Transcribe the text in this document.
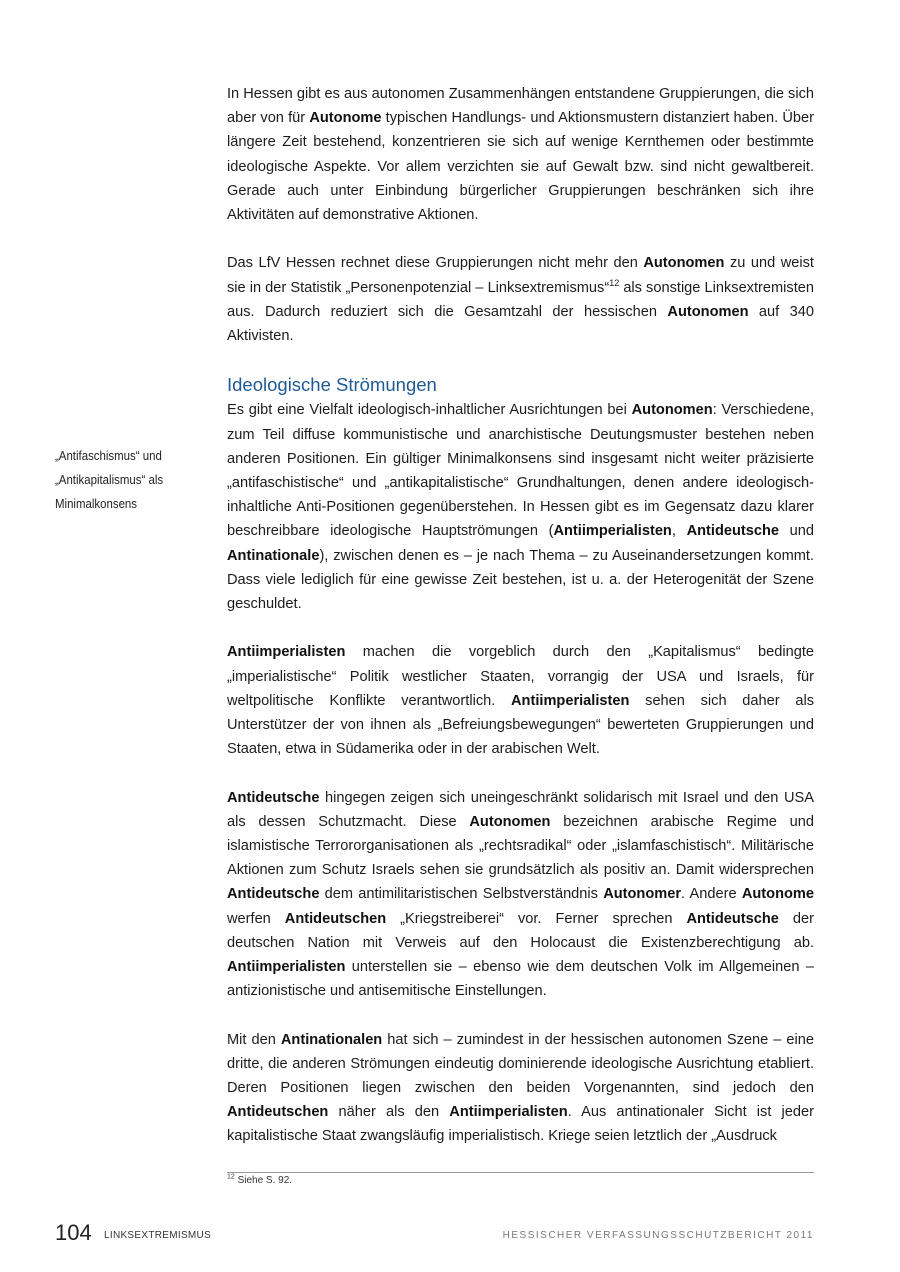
In Hessen gibt es aus autonomen Zusammenhängen entstandene Gruppierungen, die sich aber von für Autonome typischen Handlungs- und Aktionsmustern distanziert haben. Über längere Zeit bestehend, konzentrieren sie sich auf wenige Kernthemen oder bestimmte ideologische Aspekte. Vor allem verzichten sie auf Gewalt bzw. sind nicht gewaltbereit. Gerade auch unter Einbindung bürgerlicher Gruppierungen beschränken sich ihre Aktivitäten auf demonstrative Aktionen.

Das LfV Hessen rechnet diese Gruppierungen nicht mehr den Autonomen zu und weist sie in der Statistik „Personenpotenzial – Linksextremismus“$^{12}$ als sonstige Linksextremisten aus. Dadurch reduziert sich die Gesamtzahl der hessischen Autonomen auf 340 Aktivisten.

Ideologische Strömungen

Es gibt eine Vielfalt ideologisch-inhaltlicher Ausrichtungen bei Autonomen: Verschiedene, zum Teil diffuse kommunistische und anarchistische Deutungsmuster bestehen neben anderen Positionen. Ein gültiger Minimalkonsens sind insgesamt nicht weiter präzisierte „antifaschistische“ und „antikapitalistische“ Grundhaltungen, denen andere ideologisch-inhaltliche Anti-Positionen gegenüberstehen. In Hessen gibt es im Gegensatz dazu klarer beschreibbare ideologische Hauptströmungen (Antiimperialisten, Antideutsche und Antinationale), zwischen denen es – je nach Thema – zu Auseinandersetzungen kommt. Dass viele lediglich für eine gewisse Zeit bestehen, ist u. a. der Heterogenität der Szene geschuldet.

Antiimperialisten machen die vorgeblich durch den „Kapitalismus“ bedingte „imperialistische“ Politik westlicher Staaten, vorrangig der USA und Israels, für weltpolitische Konflikte verantwortlich. Antiimperialisten sehen sich daher als Unterstützer der von ihnen als „Befreiungsbewegungen“ bewerteten Gruppierungen und Staaten, etwa in Südamerika oder in der arabischen Welt.

Antideutsche hingegen zeigen sich uneingeschränkt solidarisch mit Israel und den USA als dessen Schutzmacht. Diese Autonomen bezeichnen arabische Regime und islamistische Terrororganisationen als „rechtsradikal“ oder „islamfaschistisch“. Militärische Aktionen zum Schutz Israels sehen sie grundsätzlich als positiv an. Damit widersprechen Antideutsche dem antimilitaristischen Selbstverständnis Autonomer. Andere Autonome werfen Antideutschen „Kriegstreiberei“ vor. Ferner sprechen Antideutsche der deutschen Nation mit Verweis auf den Holocaust die Existenzberechtigung ab. Antiimperialisten unterstellen sie – ebenso wie dem deutschen Volk im Allgemeinen – antizionistische und antisemitische Einstellungen.

Mit den Antinationalen hat sich – zumindest in der hessischen autonomen Szene – eine dritte, die anderen Strömungen eindeutig dominierende ideologische Ausrichtung etabliert. Deren Positionen liegen zwischen den beiden Vorgenannten, sind jedoch den Antideutschen näher als den Antiimperialisten. Aus antinationaler Sicht ist jeder kapitalistische Staat zwangsläufig imperialistisch. Kriege seien letztlich der „Ausdruck

„Antifaschismus“ und
„Antikapitalismus“ als
Minimalkonsens
$^{12}$ Siehe S. 92.
104 LINKSEXTREMISMUS	HESSISCHER VERFASSUNGSSCHUTZBERICHT 2011
